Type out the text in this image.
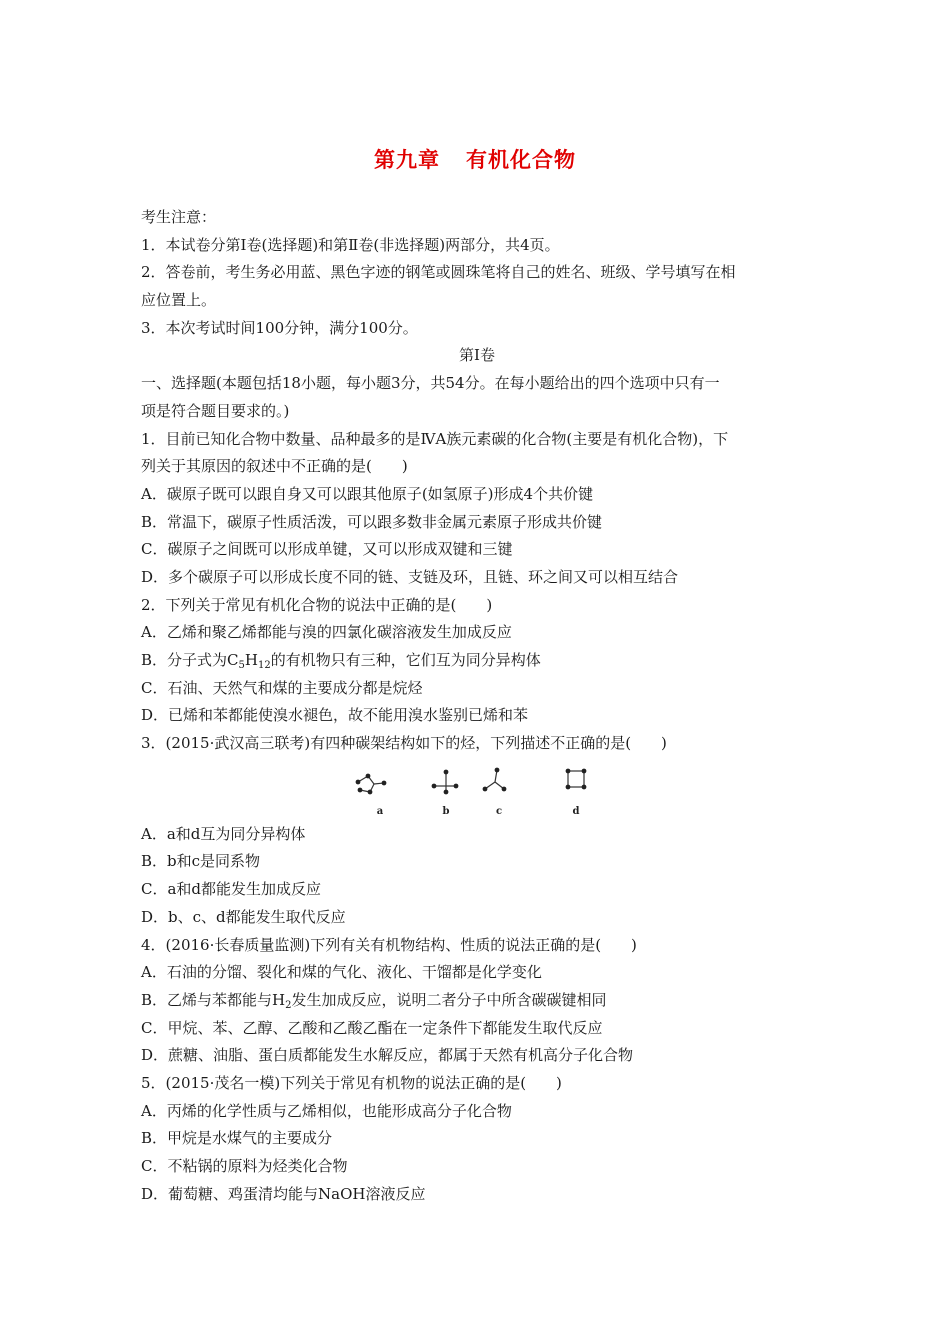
第九章 有机化合物
考生注意：
1．本试卷分第Ⅰ卷(选择题)和第Ⅱ卷(非选择题)两部分，共4页。
2．答卷前，考生务必用蓝、黑色字迹的钢笔或圆珠笔将自己的姓名、班级、学号填写在相
应位置上。
3．本次考试时间100分钟，满分100分。
第Ⅰ卷
一、选择题(本题包括18小题，每小题3分，共54分。在每小题给出的四个选项中只有一
项是符合题目要求的。)
1．目前已知化合物中数量、品种最多的是ⅣA族元素碳的化合物(主要是有机化合物)，下
列关于其原因的叙述中不正确的是(　　)
A．碳原子既可以跟自身又可以跟其他原子(如氢原子)形成4个共价键
B．常温下，碳原子性质活泼，可以跟多数非金属元素原子形成共价键
C．碳原子之间既可以形成单键，又可以形成双键和三键
D．多个碳原子可以形成长度不同的链、支链及环，且链、环之间又可以相互结合
2．下列关于常见有机化合物的说法中正确的是(　　)
A．乙烯和聚乙烯都能与溴的四氯化碳溶液发生加成反应
B．分子式为$C_5H_{12}$的有机物只有三种，它们互为同分异构体
C．石油、天然气和煤的主要成分都是烷烃
D．已烯和苯都能使溴水褪色，故不能用溴水鉴别已烯和苯
3．(2015·武汉高三联考)有四种碳架结构如下的烃，下列描述不正确的是(　　)
a	b	c	d
A．a和d互为同分异构体
B．b和c是同系物
C．a和d都能发生加成反应
D．b、c、d都能发生取代反应
4．(2016·长春质量监测)下列有关有机物结构、性质的说法正确的是(　　)
A．石油的分馏、裂化和煤的气化、液化、干馏都是化学变化
B．乙烯与苯都能与$H_2$发生加成反应，说明二者分子中所含碳碳键相同
C．甲烷、苯、乙醇、乙酸和乙酸乙酯在一定条件下都能发生取代反应
D．蔗糖、油脂、蛋白质都能发生水解反应，都属于天然有机高分子化合物
5．(2015·茂名一模)下列关于常见有机物的说法正确的是(　　)
A．丙烯的化学性质与乙烯相似，也能形成高分子化合物
B．甲烷是水煤气的主要成分
C．不粘锅的原料为烃类化合物
D．葡萄糖、鸡蛋清均能与NaOH溶液反应
